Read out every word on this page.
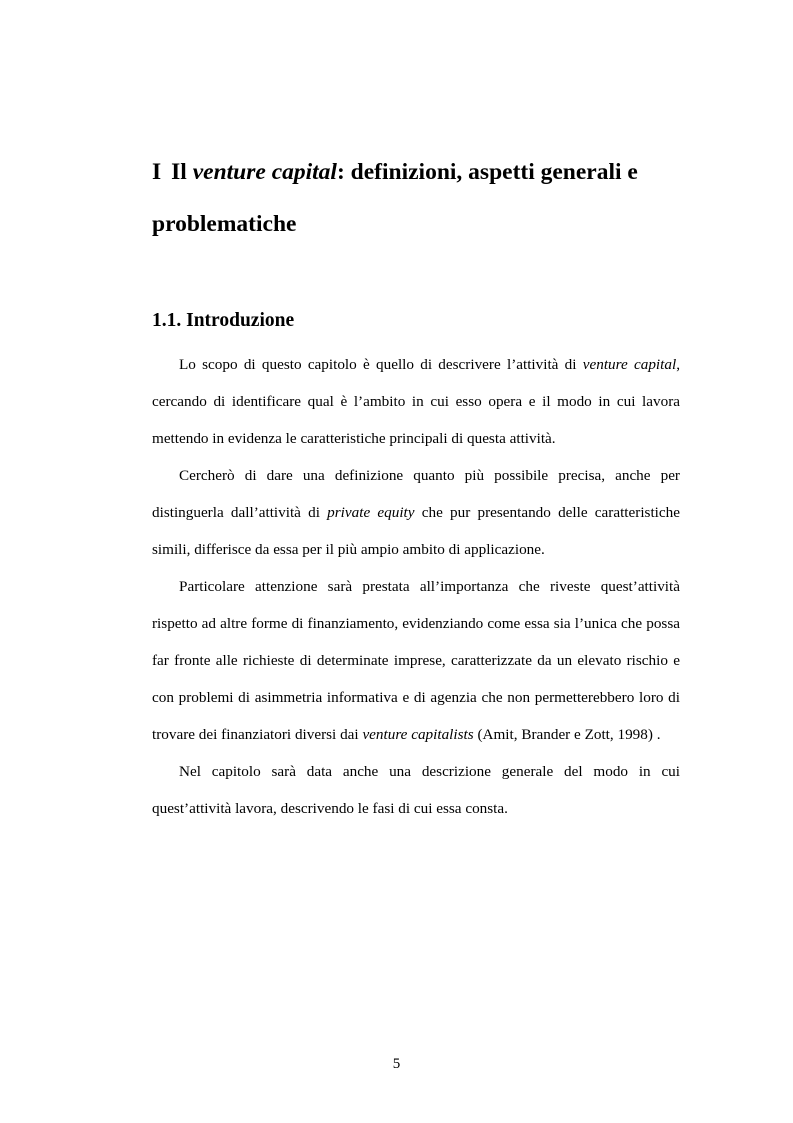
I Il venture capital: definizioni, aspetti generali e problematiche
1.1. Introduzione

Lo scopo di questo capitolo è quello di descrivere l’attività di venture capital, cercando di identificare qual è l’ambito in cui esso opera e il modo in cui lavora mettendo in evidenza le caratteristiche principali di questa attività.

Cercherò di dare una definizione quanto più possibile precisa, anche per distinguerla dall’attività di private equity che pur presentando delle caratteristiche simili, differisce da essa per il più ampio ambito di applicazione.

Particolare attenzione sarà prestata all’importanza che riveste quest’attività rispetto ad altre forme di finanziamento, evidenziando come essa sia l’unica che possa far fronte alle richieste di determinate imprese, caratterizzate da un elevato rischio e con problemi di asimmetria informativa e di agenzia che non permetterebbero loro di trovare dei finanziatori diversi dai venture capitalists (Amit, Brander e Zott, 1998) .

Nel capitolo sarà data anche una descrizione generale del modo in cui quest’attività lavora, descrivendo le fasi di cui essa consta.

5
